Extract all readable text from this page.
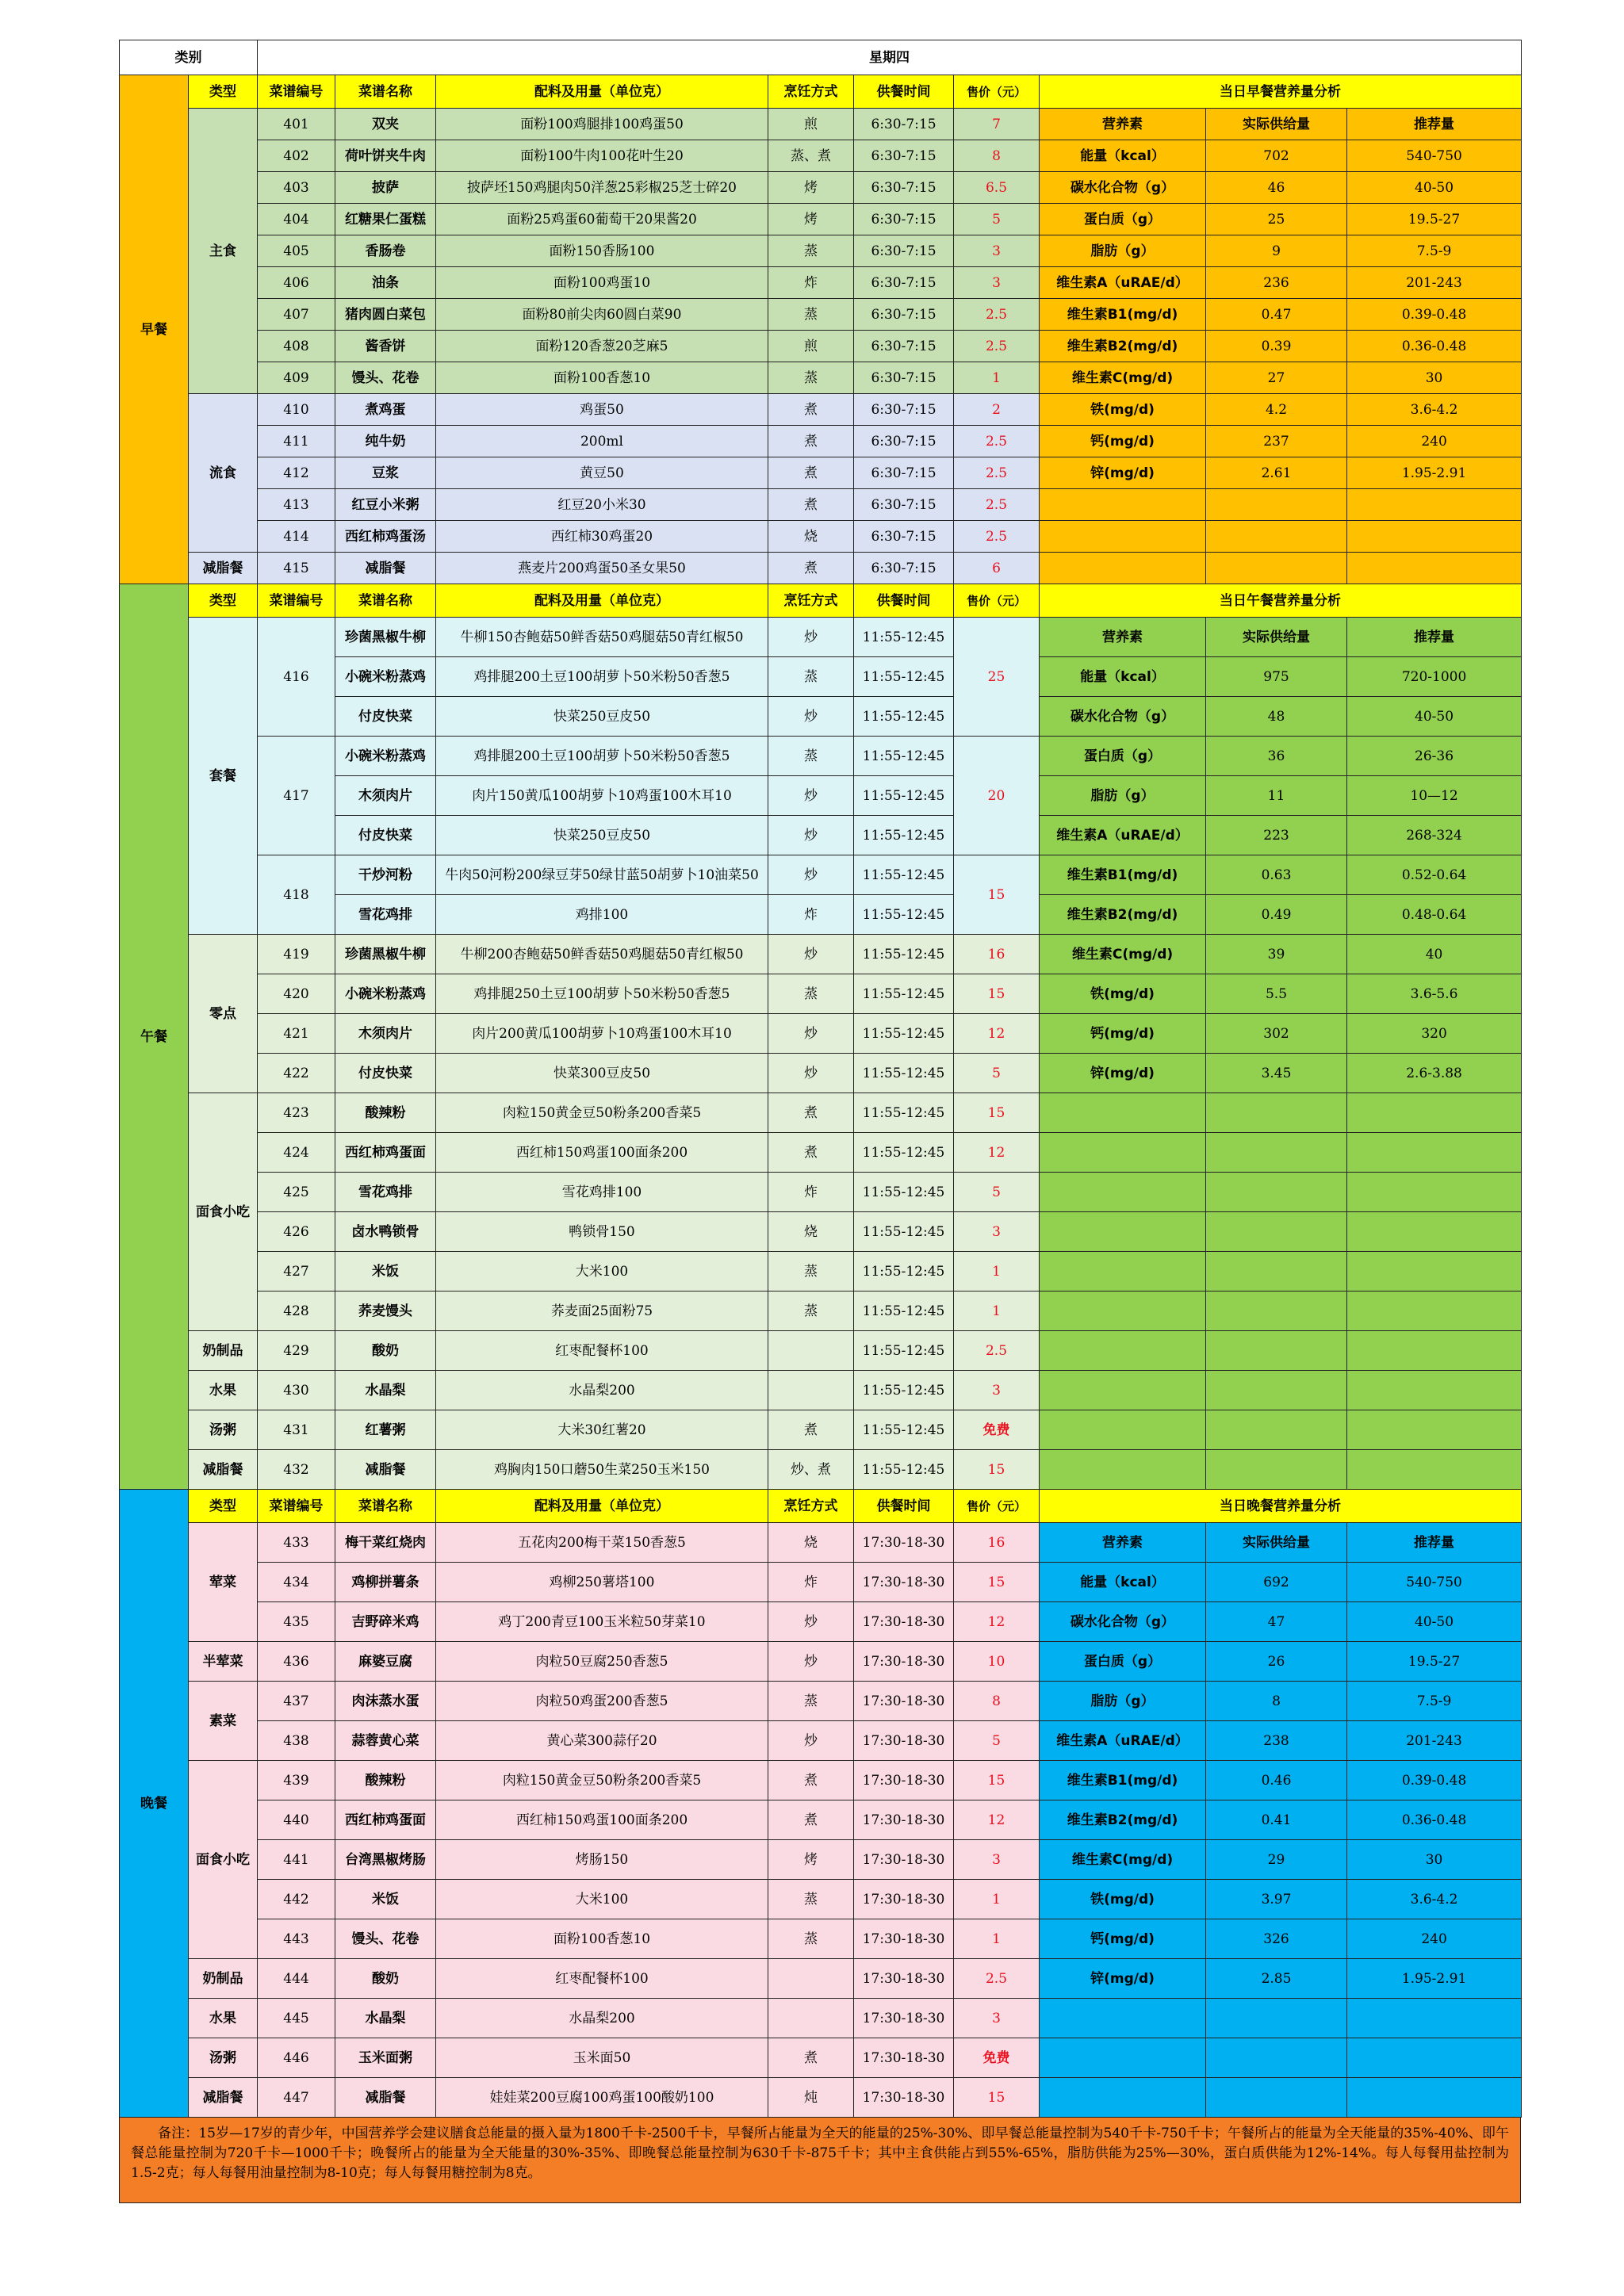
类别		星期四								
早餐	类型	菜谱编号	菜谱名称	配料及用量（单位克）	烹饪方式	供餐时间	售价（元）	当日早餐营养量分析		
	主食	401	双夹	面粉100鸡腿排100鸡蛋50	煎	6:30-7:15	7	营养素	实际供给量	推荐量
		402	荷叶饼夹牛肉	面粉100牛肉100花叶生20	蒸、煮	6:30-7:15	8	能量（kcal）	702	540-750
		403	披萨	披萨坯150鸡腿肉50洋葱25彩椒25芝士碎20	烤	6:30-7:15	6.5	碳水化合物（g）	46	40-50
		404	红糖果仁蛋糕	面粉25鸡蛋60葡萄干20果酱20	烤	6:30-7:15	5	蛋白质（g）	25	19.5-27
		405	香肠卷	面粉150香肠100	蒸	6:30-7:15	3	脂肪（g）	9	7.5-9
		406	油条	面粉100鸡蛋10	炸	6:30-7:15	3	维生素A（uRAE/d）	236	201-243
		407	猪肉圆白菜包	面粉80前尖肉60圆白菜90	蒸	6:30-7:15	2.5	维生素B1(mg/d)	0.47	0.39-0.48
		408	酱香饼	面粉120香葱20芝麻5	煎	6:30-7:15	2.5	维生素B2(mg/d)	0.39	0.36-0.48
		409	馒头、花卷	面粉100香葱10	蒸	6:30-7:15	1	维生素C(mg/d)	27	30
	流食	410	煮鸡蛋	鸡蛋50	煮	6:30-7:15	2	铁(mg/d)	4.2	3.6-4.2
		411	纯牛奶	200ml	煮	6:30-7:15	2.5	钙(mg/d)	237	240
		412	豆浆	黄豆50	煮	6:30-7:15	2.5	锌(mg/d)	2.61	1.95-2.91
		413	红豆小米粥	红豆20小米30	煮	6:30-7:15	2.5			
		414	西红柿鸡蛋汤	西红柿30鸡蛋20	烧	6:30-7:15	2.5			
	减脂餐	415	减脂餐	燕麦片200鸡蛋50圣女果50	煮	6:30-7:15	6			
午餐	类型	菜谱编号	菜谱名称	配料及用量（单位克）	烹饪方式	供餐时间	售价（元）	当日午餐营养量分析		
	套餐	416	珍菌黑椒牛柳	牛柳150杏鲍菇50鲜香菇50鸡腿菇50青红椒50	炒	11:55-12:45	25	营养素	实际供给量	推荐量
			小碗米粉蒸鸡	鸡排腿200土豆100胡萝卜50米粉50香葱5	蒸	11:55-12:45		能量（kcal）	975	720-1000
			付皮快菜	快菜250豆皮50	炒	11:55-12:45		碳水化合物（g）	48	40-50
		417	小碗米粉蒸鸡	鸡排腿200土豆100胡萝卜50米粉50香葱5	蒸	11:55-12:45	20	蛋白质（g）	36	26-36
			木须肉片	肉片150黄瓜100胡萝卜10鸡蛋100木耳10	炒	11:55-12:45		脂肪（g）	11	10—12
			付皮快菜	快菜250豆皮50	炒	11:55-12:45		维生素A（uRAE/d）	223	268-324
		418	干炒河粉	牛肉50河粉200绿豆芽50绿甘蓝50胡萝卜10油菜50	炒	11:55-12:45	15	维生素B1(mg/d)	0.63	0.52-0.64
			雪花鸡排	鸡排100	炸	11:55-12:45		维生素B2(mg/d)	0.49	0.48-0.64
	零点	419	珍菌黑椒牛柳	牛柳200杏鲍菇50鲜香菇50鸡腿菇50青红椒50	炒	11:55-12:45	16	维生素C(mg/d)	39	40
		420	小碗米粉蒸鸡	鸡排腿250土豆100胡萝卜50米粉50香葱5	蒸	11:55-12:45	15	铁(mg/d)	5.5	3.6-5.6
		421	木须肉片	肉片200黄瓜100胡萝卜10鸡蛋100木耳10	炒	11:55-12:45	12	钙(mg/d)	302	320
		422	付皮快菜	快菜300豆皮50	炒	11:55-12:45	5	锌(mg/d)	3.45	2.6-3.88
	面食小吃	423	酸辣粉	肉粒150黄金豆50粉条200香菜5	煮	11:55-12:45	15			
		424	西红柿鸡蛋面	西红柿150鸡蛋100面条200	煮	11:55-12:45	12			
		425	雪花鸡排	雪花鸡排100	炸	11:55-12:45	5			
		426	卤水鸭锁骨	鸭锁骨150	烧	11:55-12:45	3			
		427	米饭	大米100	蒸	11:55-12:45	1			
		428	荞麦馒头	荞麦面25面粉75	蒸	11:55-12:45	1			
	奶制品	429	酸奶	红枣配餐杯100		11:55-12:45	2.5			
	水果	430	水晶梨	水晶梨200		11:55-12:45	3			
	汤粥	431	红薯粥	大米30红薯20	煮	11:55-12:45	免费			
	减脂餐	432	减脂餐	鸡胸肉150口蘑50生菜250玉米150	炒、煮	11:55-12:45	15			
晚餐	类型	菜谱编号	菜谱名称	配料及用量（单位克）	烹饪方式	供餐时间	售价（元）	当日晚餐营养量分析		
	荤菜	433	梅干菜红烧肉	五花肉200梅干菜150香葱5	烧	17:30-18-30	16	营养素	实际供给量	推荐量
		434	鸡柳拼薯条	鸡柳250薯塔100	炸	17:30-18-30	15	能量（kcal）	692	540-750
		435	吉野碎米鸡	鸡丁200青豆100玉米粒50芽菜10	炒	17:30-18-30	12	碳水化合物（g）	47	40-50
	半荤菜	436	麻婆豆腐	肉粒50豆腐250香葱5	炒	17:30-18-30	10	蛋白质（g）	26	19.5-27
	素菜	437	肉沫蒸水蛋	肉粒50鸡蛋200香葱5	蒸	17:30-18-30	8	脂肪（g）	8	7.5-9
		438	蒜蓉黄心菜	黄心菜300蒜仔20	炒	17:30-18-30	5	维生素A（uRAE/d）	238	201-243
	面食小吃	439	酸辣粉	肉粒150黄金豆50粉条200香菜5	煮	17:30-18-30	15	维生素B1(mg/d)	0.46	0.39-0.48
		440	西红柿鸡蛋面	西红柿150鸡蛋100面条200	煮	17:30-18-30	12	维生素B2(mg/d)	0.41	0.36-0.48
		441	台湾黑椒烤肠	烤肠150	烤	17:30-18-30	3	维生素C(mg/d)	29	30
		442	米饭	大米100	蒸	17:30-18-30	1	铁(mg/d)	3.97	3.6-4.2
		443	馒头、花卷	面粉100香葱10	蒸	17:30-18-30	1	钙(mg/d)	326	240
	奶制品	444	酸奶	红枣配餐杯100		17:30-18-30	2.5	锌(mg/d)	2.85	1.95-2.91
	水果	445	水晶梨	水晶梨200		17:30-18-30	3			
	汤粥	446	玉米面粥	玉米面50	煮	17:30-18-30	免费			
	减脂餐	447	减脂餐	娃娃菜200豆腐100鸡蛋100酸奶100	炖	17:30-18-30	15			
备注：15岁—17岁的青少年，中国营养学会建议膳食总能量的摄入量为1800千卡-2500千卡，早餐所占能量为全天的能量的25%-30%、即早餐总能量控制为540千卡-750千卡；午餐所占的能量为全天能量的35%-40%、即午餐总能量控制为720千卡—1000千卡；晚餐所占的能量为全天能量的30%-35%、即晚餐总能量控制为630千卡-875千卡；其中主食供能占到55%-65%，脂肪供能为25%—30%，蛋白质供能为12%-14%。每人每餐用盐控制为1.5-2克；每人每餐用油量控制为8-10克；每人每餐用糖控制为8克。
